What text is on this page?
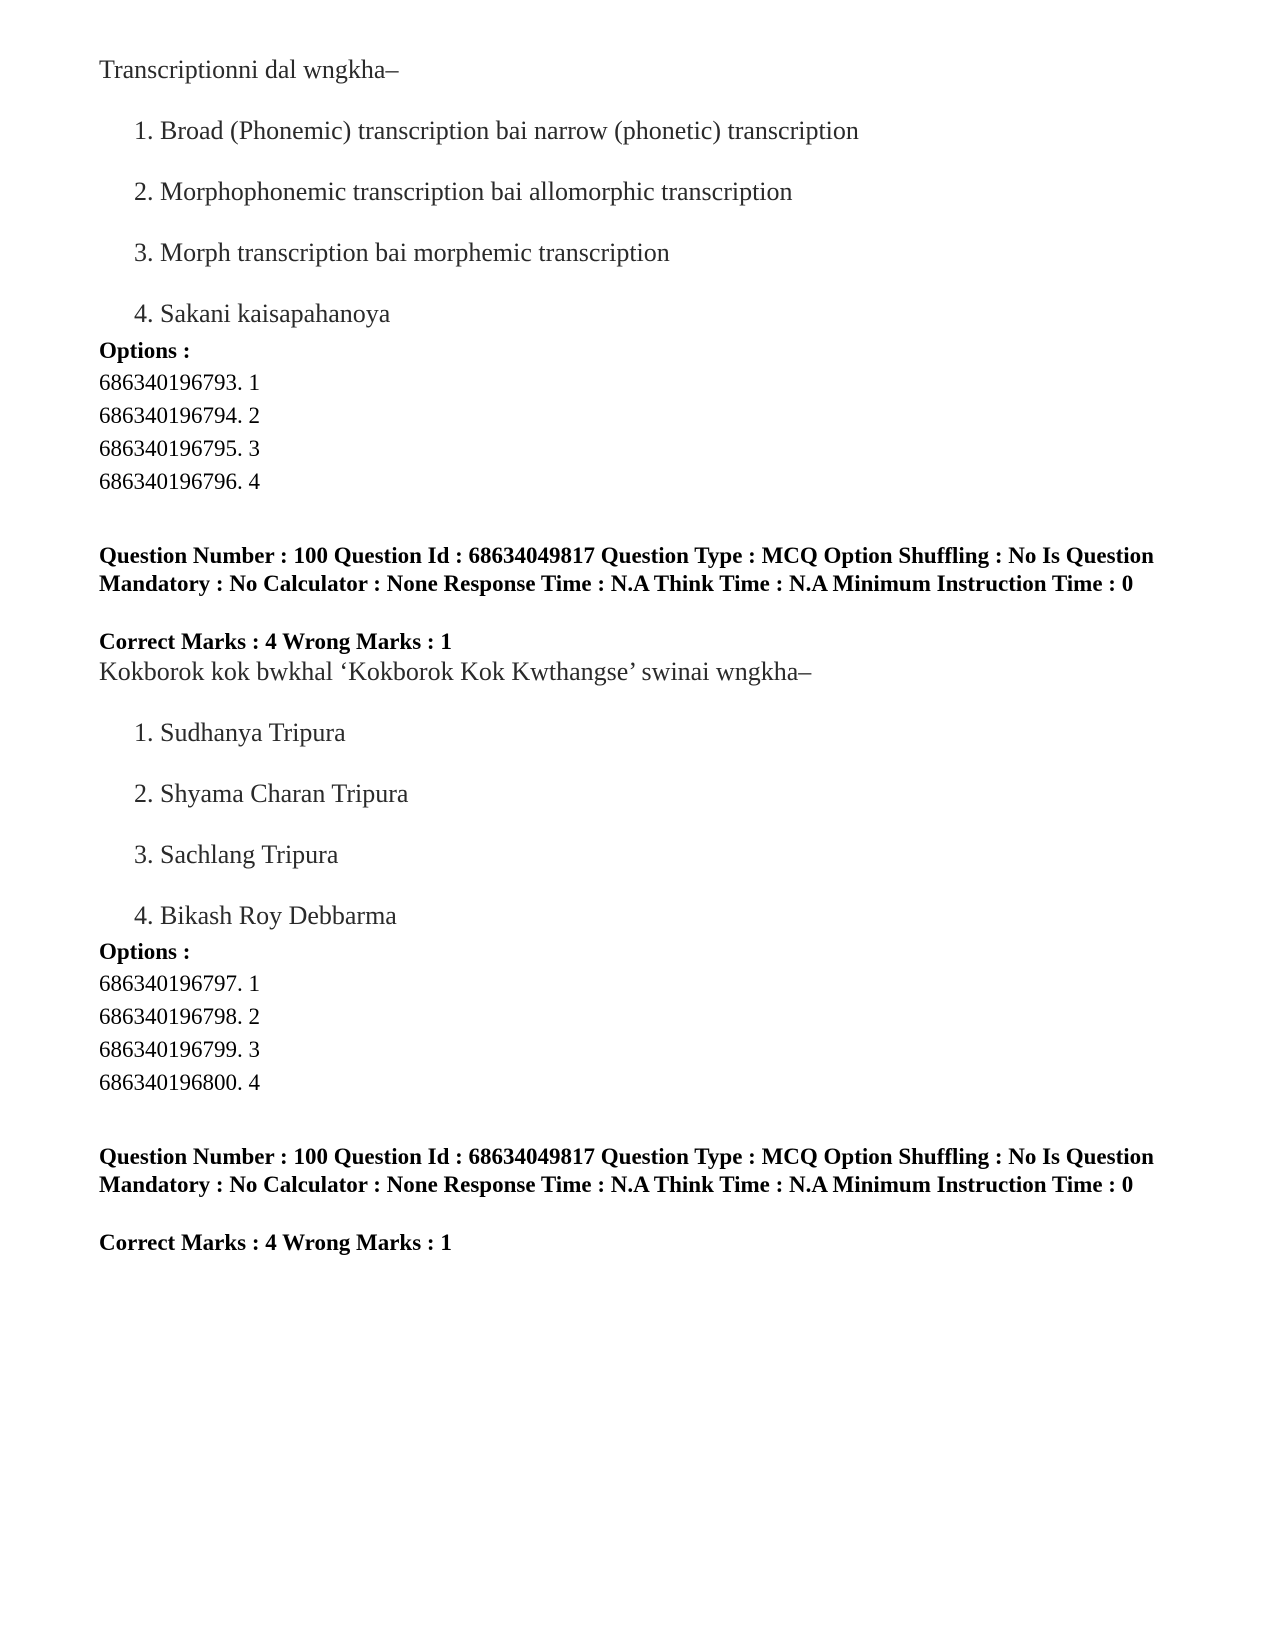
Transcriptionni dal wngkha–
1. Broad (Phonemic) transcription bai narrow (phonetic) transcription
2. Morphophonemic transcription bai allomorphic transcription
3. Morph transcription bai morphemic transcription
4. Sakani kaisapahanoya
Options :
686340196793. 1
686340196794. 2
686340196795. 3
686340196796. 4
Question Number : 100 Question Id : 68634049817 Question Type : MCQ Option Shuffling : No Is Question Mandatory : No Calculator : None Response Time : N.A Think Time : N.A Minimum Instruction Time : 0
Correct Marks : 4 Wrong Marks : 1
Kokborok kok bwkhal ‘Kokborok Kok Kwthangse’ swinai wngkha–
1. Sudhanya Tripura
2. Shyama Charan Tripura
3. Sachlang Tripura
4. Bikash Roy Debbarma
Options :
686340196797. 1
686340196798. 2
686340196799. 3
686340196800. 4
Question Number : 100 Question Id : 68634049817 Question Type : MCQ Option Shuffling : No Is Question Mandatory : No Calculator : None Response Time : N.A Think Time : N.A Minimum Instruction Time : 0
Correct Marks : 4 Wrong Marks : 1
